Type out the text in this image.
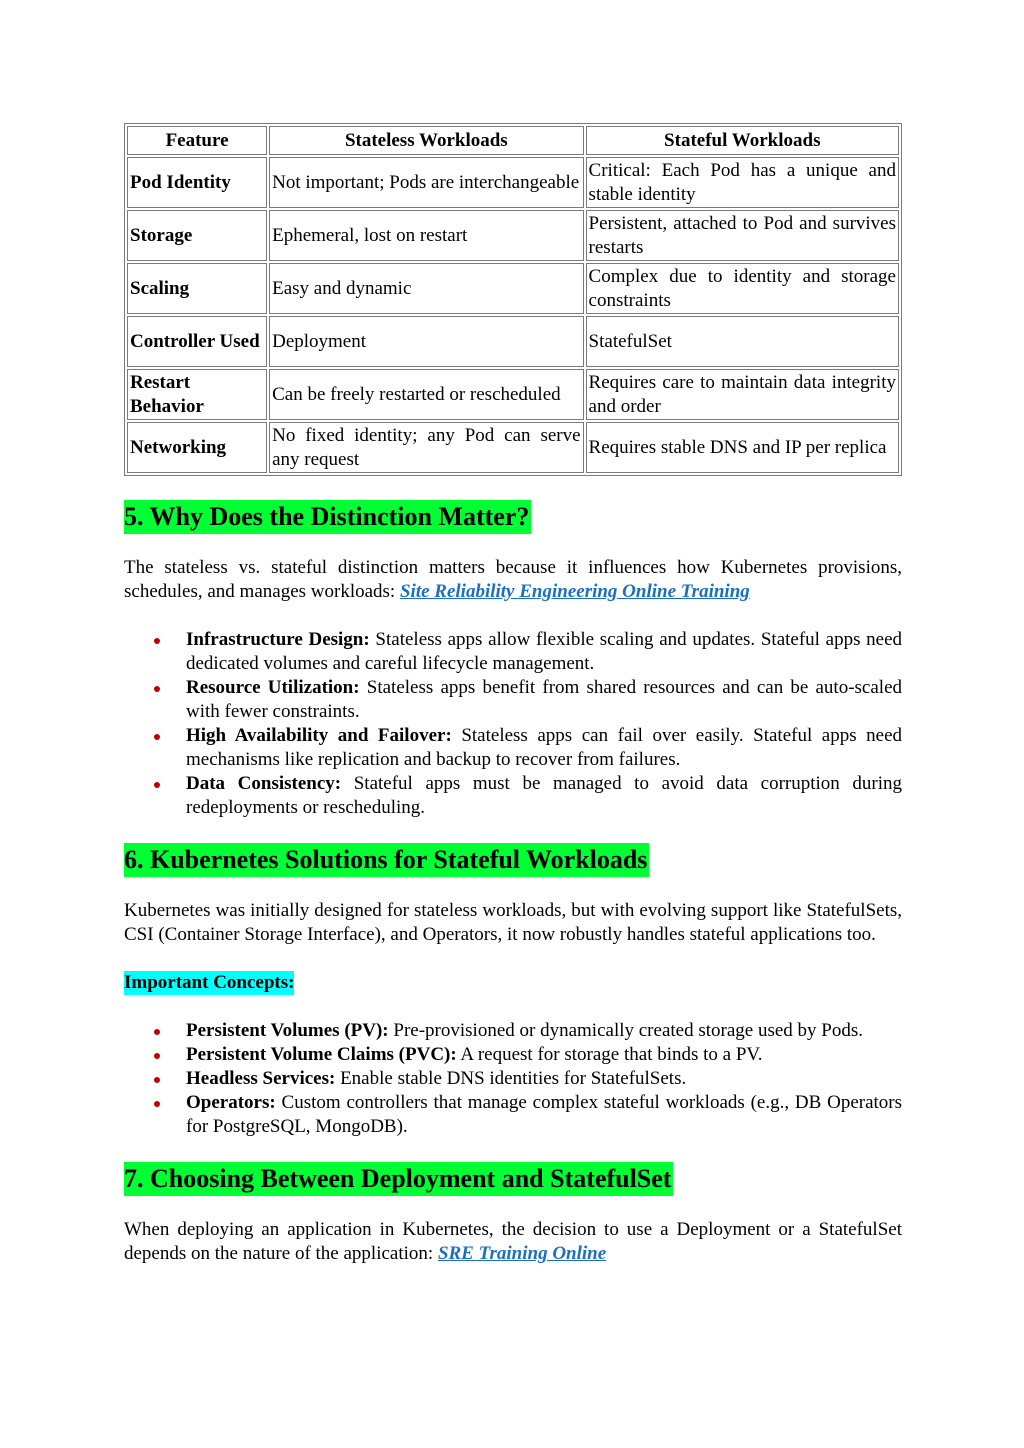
Feature	Stateless Workloads	Stateful Workloads
Pod Identity	Not important; Pods are interchangeable	Critical: Each Pod has a unique and stable identity
Storage	Ephemeral, lost on restart	Persistent, attached to Pod and survives restarts
Scaling	Easy and dynamic	Complex due to identity and storage constraints
Controller Used	Deployment	StatefulSet
Restart Behavior	Can be freely restarted or rescheduled	Requires care to maintain data integrity and order
Networking	No fixed identity; any Pod can serve any request	Requires stable DNS and IP per replica
5. Why Does the Distinction Matter?

The stateless vs. stateful distinction matters because it influences how Kubernetes provisions, schedules, and manages workloads: Site Reliability Engineering Online Training

Infrastructure Design: Stateless apps allow flexible scaling and updates. Stateful apps need dedicated volumes and careful lifecycle management.
Resource Utilization: Stateless apps benefit from shared resources and can be auto-scaled with fewer constraints.
High Availability and Failover: Stateless apps can fail over easily. Stateful apps need mechanisms like replication and backup to recover from failures.
Data Consistency: Stateful apps must be managed to avoid data corruption during redeployments or rescheduling.
6. Kubernetes Solutions for Stateful Workloads

Kubernetes was initially designed for stateless workloads, but with evolving support like StatefulSets, CSI (Container Storage Interface), and Operators, it now robustly handles stateful applications too.

Important Concepts:
Persistent Volumes (PV): Pre-provisioned or dynamically created storage used by Pods.
Persistent Volume Claims (PVC): A request for storage that binds to a PV.
Headless Services: Enable stable DNS identities for StatefulSets.
Operators: Custom controllers that manage complex stateful workloads (e.g., DB Operators for PostgreSQL, MongoDB).
7. Choosing Between Deployment and StatefulSet

When deploying an application in Kubernetes, the decision to use a Deployment or a StatefulSet depends on the nature of the application: SRE Training Online
